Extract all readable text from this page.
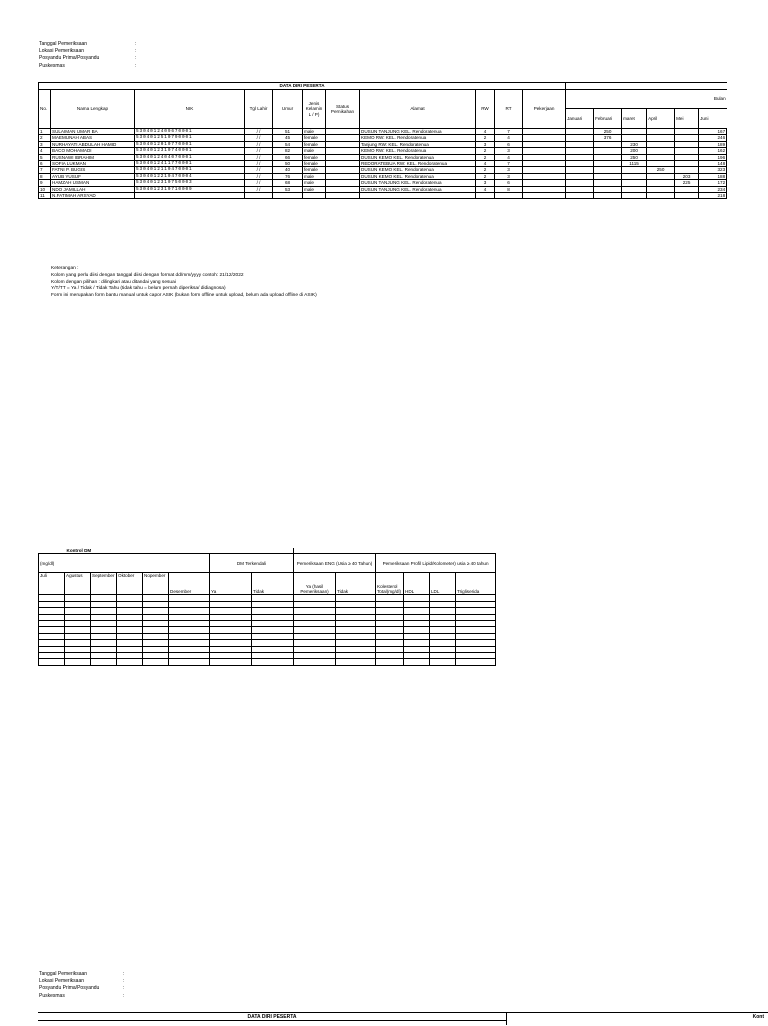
Tanggal Pemeriksaan	:
Lokasi Pemeriksaan	:
Posyandu Prima/Posyandu	:
Puskesmas	:
DATA DIRI PESERTA																
No.	Nama Lengkap	NIK	Tgl Lahir	Umur	Jenis Kelamin L / P)	Status Pernikahan	Alamat	RW	RT	Pekerjaan	Bulan					
											Januari	Februari	maret	April	Mei	Juni
1	SULAIMAN UMAR BA	5304012409670001	/ /	51	male		DUSUN TANJUNG KEL. Rendoratenua	4	7			250				167
2	MAEMUNAH ABAS	5304012510790001	/ /	45	female		KEMO RW: KEL. Rendoratenua	2	4			376				246
3	NURHAYATI ABDULAH HAMID	5304012010770001	/ /	54	female		Tanjung RW: KEL. Rendoratenua	3	6				230			189
4	BACO MOHAMADI	5304012310740001	/ /	82	male		KEMO RW: KEL. Rendoratenua	2	3				200			162
5	RUSNAWI IBRAHIM	5304012404070001	/ /	66	female		DUSUN KEMO KEL. Rendoratenua	2	4				250			196
6	SOFIA LUKMAN	5304012411770001	/ /	50	female		REDORATEBUA RW: KEL. Rendoratenua	4	7				1115			148
7	FATNI P. BUGIS	5304012110470001	/ /	40	female		DUSUN KEMO KEL. Rendoratenua	2	3					250		323
8	AYUB YUSUF	5304012210470004	/ /	76	male		DUSUN KEMO KEL. Rendoratenua	2	3						203	188
9	HAMZAH USMAN	5304012310750003	/ /	68	male		DUSUN TANJUNG KEL. Rendoratenua	3	6						225	172
10	NDO JAMILLAH	5304012310710009	/ /	53	male		DUSUN TANJUNG KEL. Rendoratenua	4	8							234
11	N.FATIMAH ARSYAD															218
Keterangan :
Kolom yang perlu diisi dengan tanggal diisi dengan format dd/mm/yyyy contoh: 21/12/2022
Kolom dengan pilihan : dilingkari atau ditandai yang sesuai
Y/T/TT = Ya / Tidak / Tidak Tahu (tidak tahu = belum pernah diperiksa/ didiagnosa)
Form ini merupakan form bantu manual untuk capor ASIK (bukan form offline untuk upload, belum ada upload offline di ASIK)
Kontrol DM													
(mg/dl)						DM Terkendali		Pemeriksaan ENG (Usia ≥ 40 Tahun)		Pemeriksaan Profil Lipid/Kolometer) usia ≥ 40 tahun			
Juli	Agustus	September	Oktober	Nopember	Desember	Ya	Tidak	Ya (hasil Pemeriksaan)	Tidak	Kolesterol Total(mg/dl)	HDL	LDL	Trigliserida

Tanggal Pemeriksaan	:
Lokasi Pemeriksaan	:
Posyandu Prima/Posyandu	:
Puskesmas	:
DATA DIRI PESERTA	Kont
